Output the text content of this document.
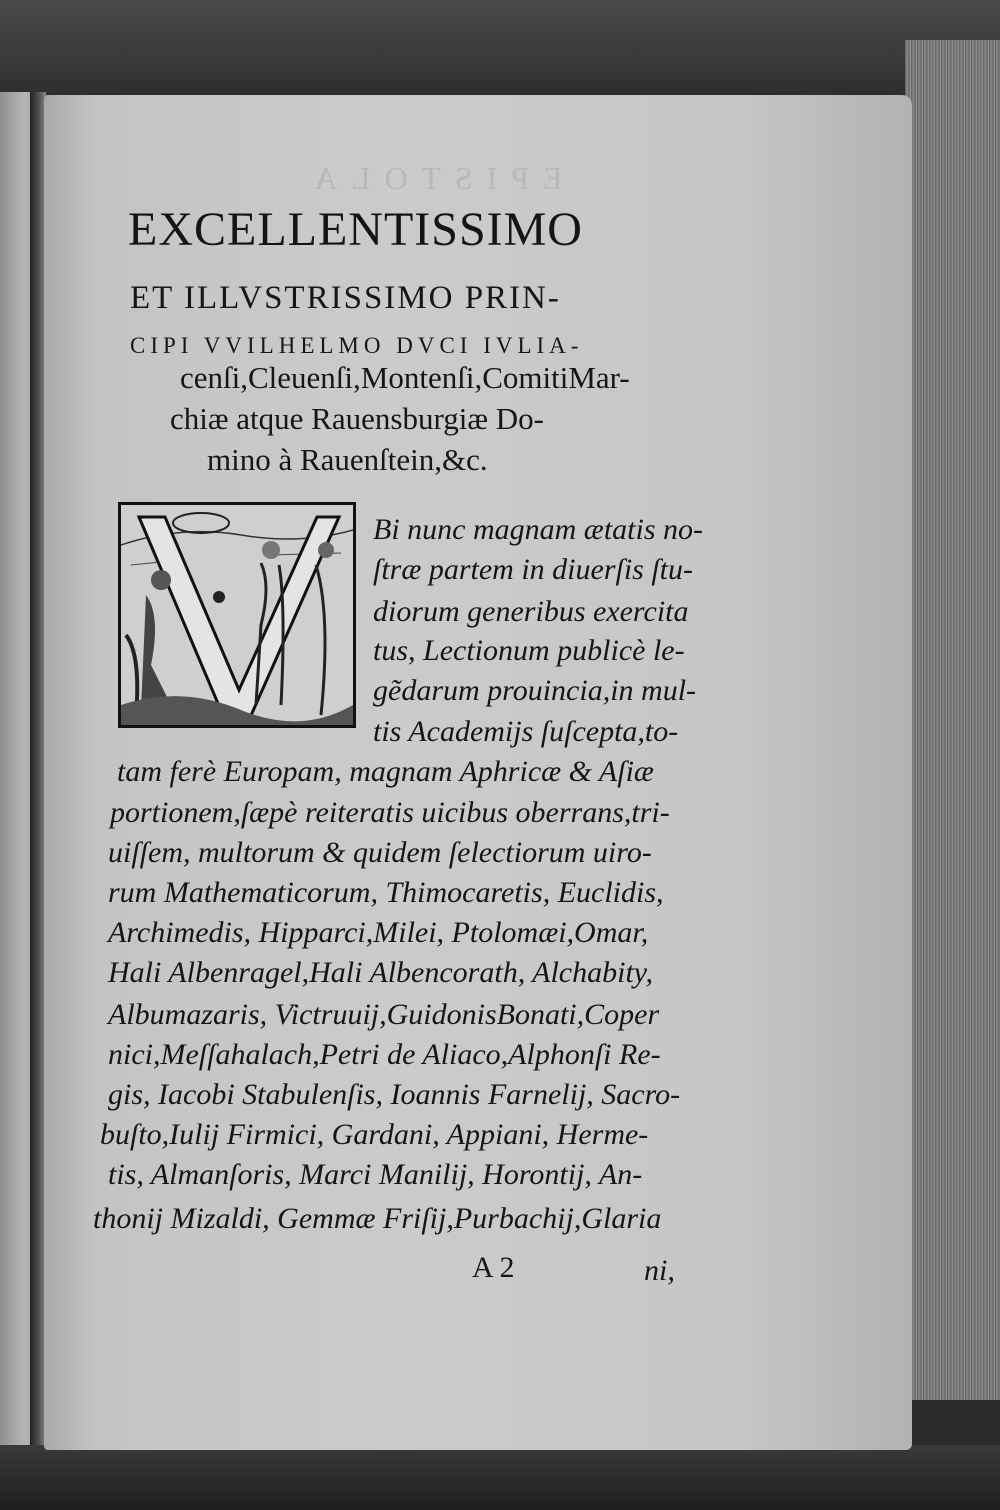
EXCELLENTISSIMO
ET ILLVSTRISSIMO PRIN-
CIPI VVILHELMO DVCI IVLIA-
cenſi,Cleuenſi,Montenſi,ComitiMar-
chiæ atque Rauensburgiæ Do-
mino à Rauenſtein,&c.
EPISTOLA
Bi nunc magnam ætatis no-
ſtræ partem in diuerſis ſtu-
diorum generibus exercita
tus, Lectionum publicè le-
gẽdarum prouincia,in mul-
tis Academijs ſuſcepta,to-
tam ferè Europam, magnam Aphricæ & Aſiæ
portionem,ſæpè reiteratis uicibus oberrans,tri-
uiſſem, multorum & quidem ſelectiorum uiro-
rum Mathematicorum, Thimocaretis, Euclidis,
Archimedis, Hipparci,Milei, Ptolomæi,Omar,
Hali Albenragel,Hali Albencorath, Alchabity,
Albumazaris, Victruuij,GuidonisBonati,Coper
nici,Meſſahalach,Petri de Aliaco,Alphonſi Re-
gis, Iacobi Stabulenſis, Ioannis Farnelij, Sacro-
buſto,Iulij Firmici, Gardani, Appiani, Herme-
tis, Almanſoris, Marci Manilij, Horontij, An-
thonij Mizaldi, Gemmæ Friſij,Purbachij,Glaria
A 2	ni,
